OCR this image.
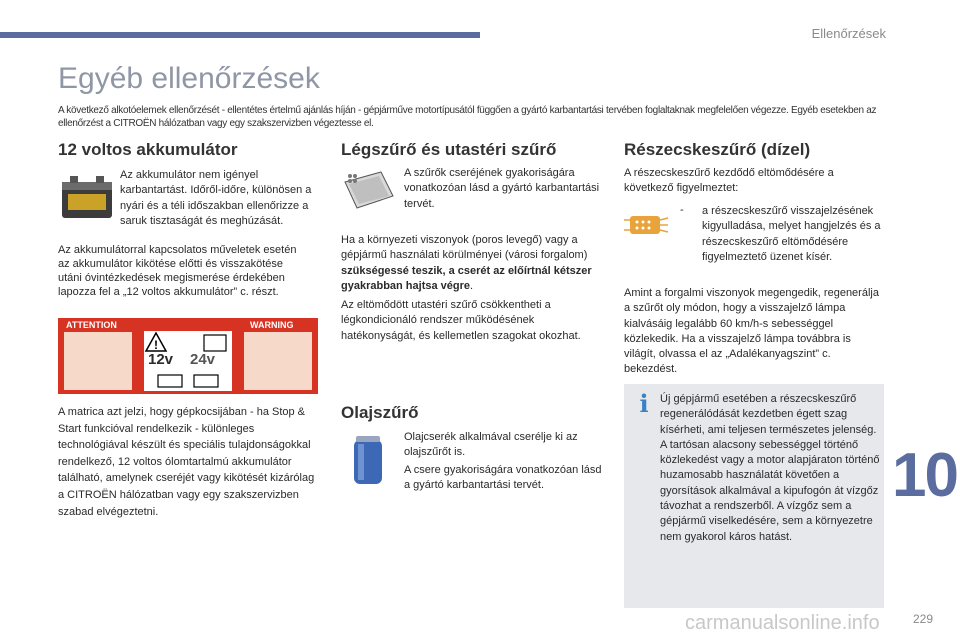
Ellenőrzések
Egyéb ellenőrzések
A következő alkotóelemek ellenőrzését - ellentétes értelmű ajánlás híján - gépjárműve motortípusától függően a gyártó karbantartási tervében foglaltaknak megfelelően végezze. Egyéb esetekben az ellenőrzést a CITROËN hálózatban vagy egy szakszervizben végeztesse el.
12 voltos akkumulátor

Az akkumulátor nem igényel karbantartást. Időről-időre, különösen a nyári és a téli időszakban ellenőrizze a saruk tisztaságát és meghúzását.

Az akkumulátorral kapcsolatos műveletek esetén az akkumulátor kikötése előtti és visszakötése utáni óvintézkedések megismerése érdekében lapozza fel a „12 voltos akkumulátor” c. részt.

ATTENTION	WARNING
!
12v 24v

A matrica azt jelzi, hogy gépkocsijában - ha Stop & Start funkcióval rendelkezik - különleges technológiával készült és speciális tulajdonságokkal rendelkező, 12 voltos ólomtartalmú akkumulátor található, amelynek cseréjét vagy kikötését kizárólag a CITROËN hálózatban vagy egy szakszervizben szabad elvégeztetni.

Légszűrő és utastéri szűrő

A szűrők cseréjének gyakoriságára vonatkozóan lásd a gyártó karbantartási tervét.

Ha a környezeti viszonyok (poros levegő) vagy a gépjármű használati körülményei (városi forgalom) szükségessé teszik, a cserét az előírtnál kétszer gyakrabban hajtsa végre.

Az eltömődött utastéri szűrő csökkentheti a légkondicionáló rendszer működésének hatékonyságát, és kellemetlen szagokat okozhat.

Olajszűrő

Olajcserék alkalmával cserélje ki az olajszűrőt is.

A csere gyakoriságára vonatkozóan lásd a gyártó karbantartási tervét.

Részecskeszűrő (dízel)

A részecskeszűrő kezdődő eltömődésére a következő figyelmeztet:

- a részecskeszűrő visszajelzésének kigyulladása, melyet hangjelzés és a részecskeszűrő eltömődésére figyelmeztető üzenet kísér.

Amint a forgalmi viszonyok megengedik, regenerálja a szűrőt oly módon, hogy a visszajelző lámpa kialvásáig legalább 60 km/h-s sebességgel közlekedik. Ha a visszajelző lámpa továbbra is világít, olvassa el az „Adalékanyagszint” c. bekezdést.

i	Új gépjármű esetében a részecskeszűrő regenerálódását kezdetben égett szag kísérheti, ami teljesen természetes jelenség. A tartósan alacsony sebességgel történő közlekedést vagy a motor alapjáraton történő huzamosabb használatát követően a gyorsítások alkalmával a kipufogón át vízgőz távozhat a rendszerből. A vízgőz sem a gépjármű viselkedésére, sem a környezetre nem gyakorol káros hatást.

10
carmanualsonline.info	229
